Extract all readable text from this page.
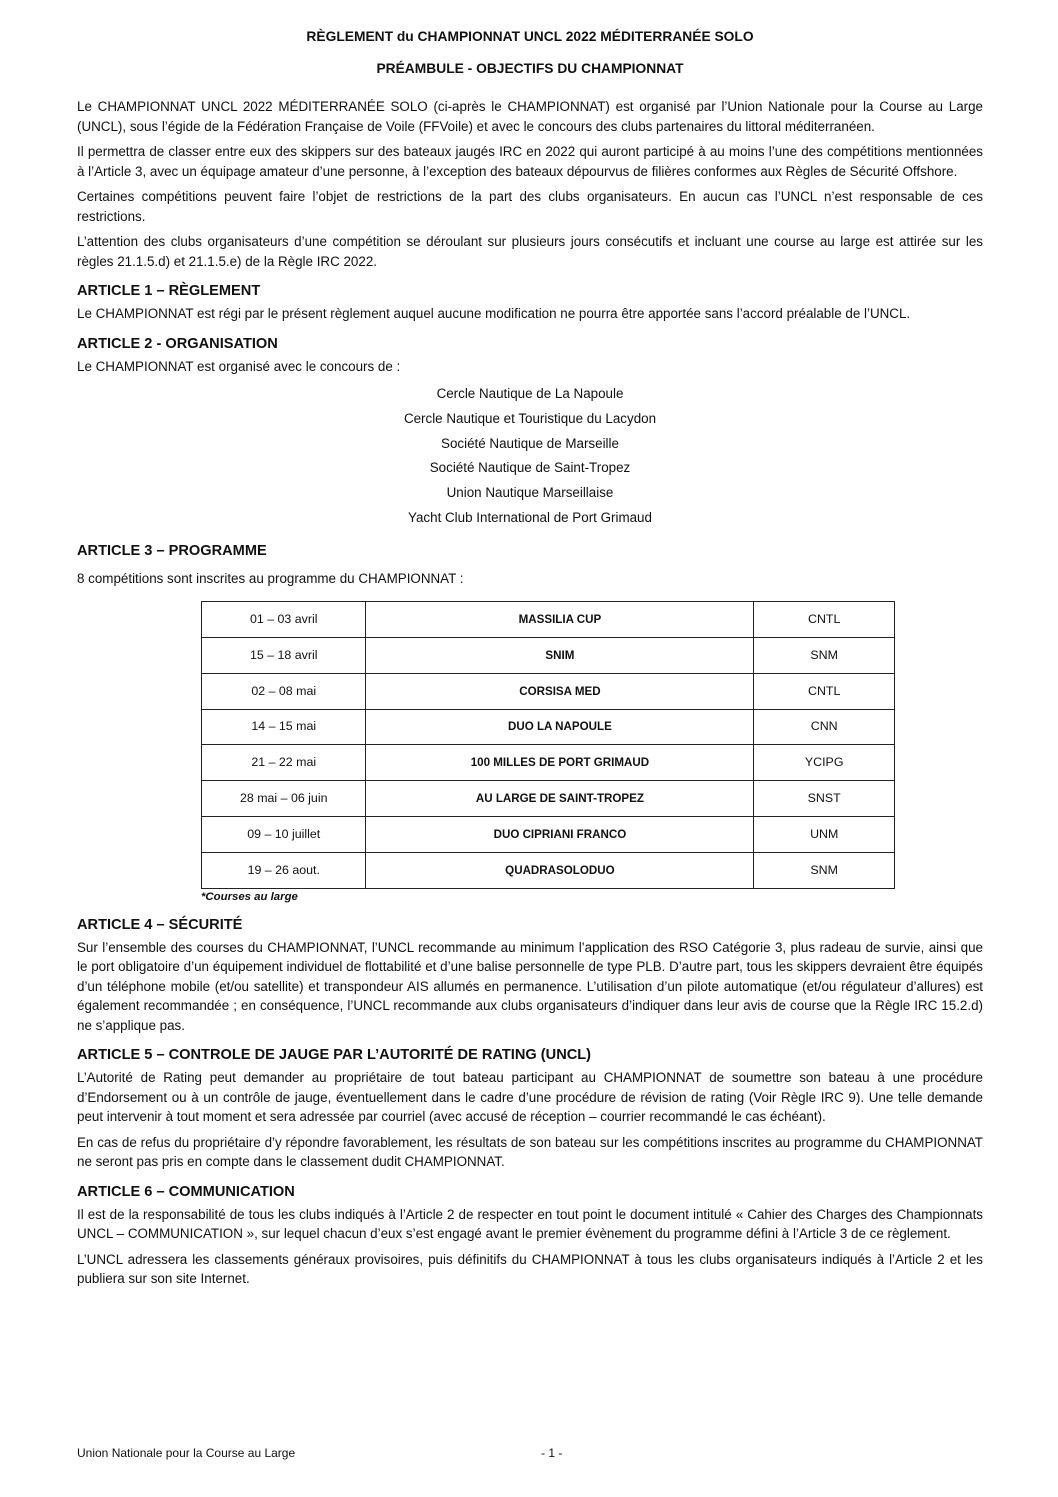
RÈGLEMENT du CHAMPIONNAT UNCL 2022 MÉDITERRANÉE SOLO
PRÉAMBULE - OBJECTIFS DU CHAMPIONNAT

Le CHAMPIONNAT UNCL 2022 MÉDITERRANÉE SOLO (ci-après le CHAMPIONNAT) est organisé par l’Union Nationale pour la Course au Large (UNCL), sous l’égide de la Fédération Française de Voile (FFVoile) et avec le concours des clubs partenaires du littoral méditerranéen.

Il permettra de classer entre eux des skippers sur des bateaux jaugés IRC en 2022 qui auront participé à au moins l’une des compétitions mentionnées à l’Article 3, avec un équipage amateur d’une personne, à l’exception des bateaux dépourvus de filières conformes aux Règles de Sécurité Offshore.

Certaines compétitions peuvent faire l’objet de restrictions de la part des clubs organisateurs. En aucun cas l’UNCL n’est responsable de ces restrictions.

L’attention des clubs organisateurs d’une compétition se déroulant sur plusieurs jours consécutifs et incluant une course au large est attirée sur les règles 21.1.5.d) et 21.1.5.e) de la Règle IRC 2022.

ARTICLE 1 – RÈGLEMENT

Le CHAMPIONNAT est régi par le présent règlement auquel aucune modification ne pourra être apportée sans l’accord préalable de l’UNCL.

ARTICLE 2 - ORGANISATION

Le CHAMPIONNAT est organisé avec le concours de :

Cercle Nautique de La Napoule
Cercle Nautique et Touristique du Lacydon
Société Nautique de Marseille
Société Nautique de Saint-Tropez
Union Nautique Marseillaise
Yacht Club International de Port Grimaud
ARTICLE 3 – PROGRAMME

8 compétitions sont inscrites au programme du CHAMPIONNAT :

01 – 03 avril	MASSILIA CUP	CNTL
15 – 18 avril	SNIM	SNM
02 – 08 mai	CORSISA MED	CNTL
14 – 15 mai	DUO LA NAPOULE	CNN
21 – 22 mai	100 MILLES DE PORT GRIMAUD	YCIPG
28 mai – 06 juin	AU LARGE DE SAINT-TROPEZ	SNST
09 – 10 juillet	DUO CIPRIANI FRANCO	UNM
19 – 26 aout.	QUADRASOLODUO	SNM
*Courses au large
ARTICLE 4 – SÉCURITÉ

Sur l’ensemble des courses du CHAMPIONNAT, l’UNCL recommande au minimum l’application des RSO Catégorie 3, plus radeau de survie, ainsi que le port obligatoire d’un équipement individuel de flottabilité et d’une balise personnelle de type PLB. D’autre part, tous les skippers devraient être équipés d’un téléphone mobile (et/ou satellite) et transpondeur AIS allumés en permanence. L’utilisation d’un pilote automatique (et/ou régulateur d’allures) est également recommandée ; en conséquence, l’UNCL recommande aux clubs organisateurs d’indiquer dans leur avis de course que la Règle IRC 15.2.d) ne s’applique pas.

ARTICLE 5 – CONTROLE DE JAUGE PAR L’AUTORITÉ DE RATING (UNCL)

L’Autorité de Rating peut demander au propriétaire de tout bateau participant au CHAMPIONNAT de soumettre son bateau à une procédure d’Endorsement ou à un contrôle de jauge, éventuellement dans le cadre d’une procédure de révision de rating (Voir Règle IRC 9). Une telle demande peut intervenir à tout moment et sera adressée par courriel (avec accusé de réception – courrier recommandé le cas échéant).

En cas de refus du propriétaire d’y répondre favorablement, les résultats de son bateau sur les compétitions inscrites au programme du CHAMPIONNAT ne seront pas pris en compte dans le classement dudit CHAMPIONNAT.

ARTICLE 6 – COMMUNICATION

Il est de la responsabilité de tous les clubs indiqués à l’Article 2 de respecter en tout point le document intitulé « Cahier des Charges des Championnats UNCL – COMMUNICATION », sur lequel chacun d’eux s’est engagé avant le premier évènement du programme défini à l’Article 3 de ce règlement.

L’UNCL adressera les classements généraux provisoires, puis définitifs du CHAMPIONNAT à tous les clubs organisateurs indiqués à l’Article 2 et les publiera sur son site Internet.

Union Nationale pour la Course au Large	- 1 -
